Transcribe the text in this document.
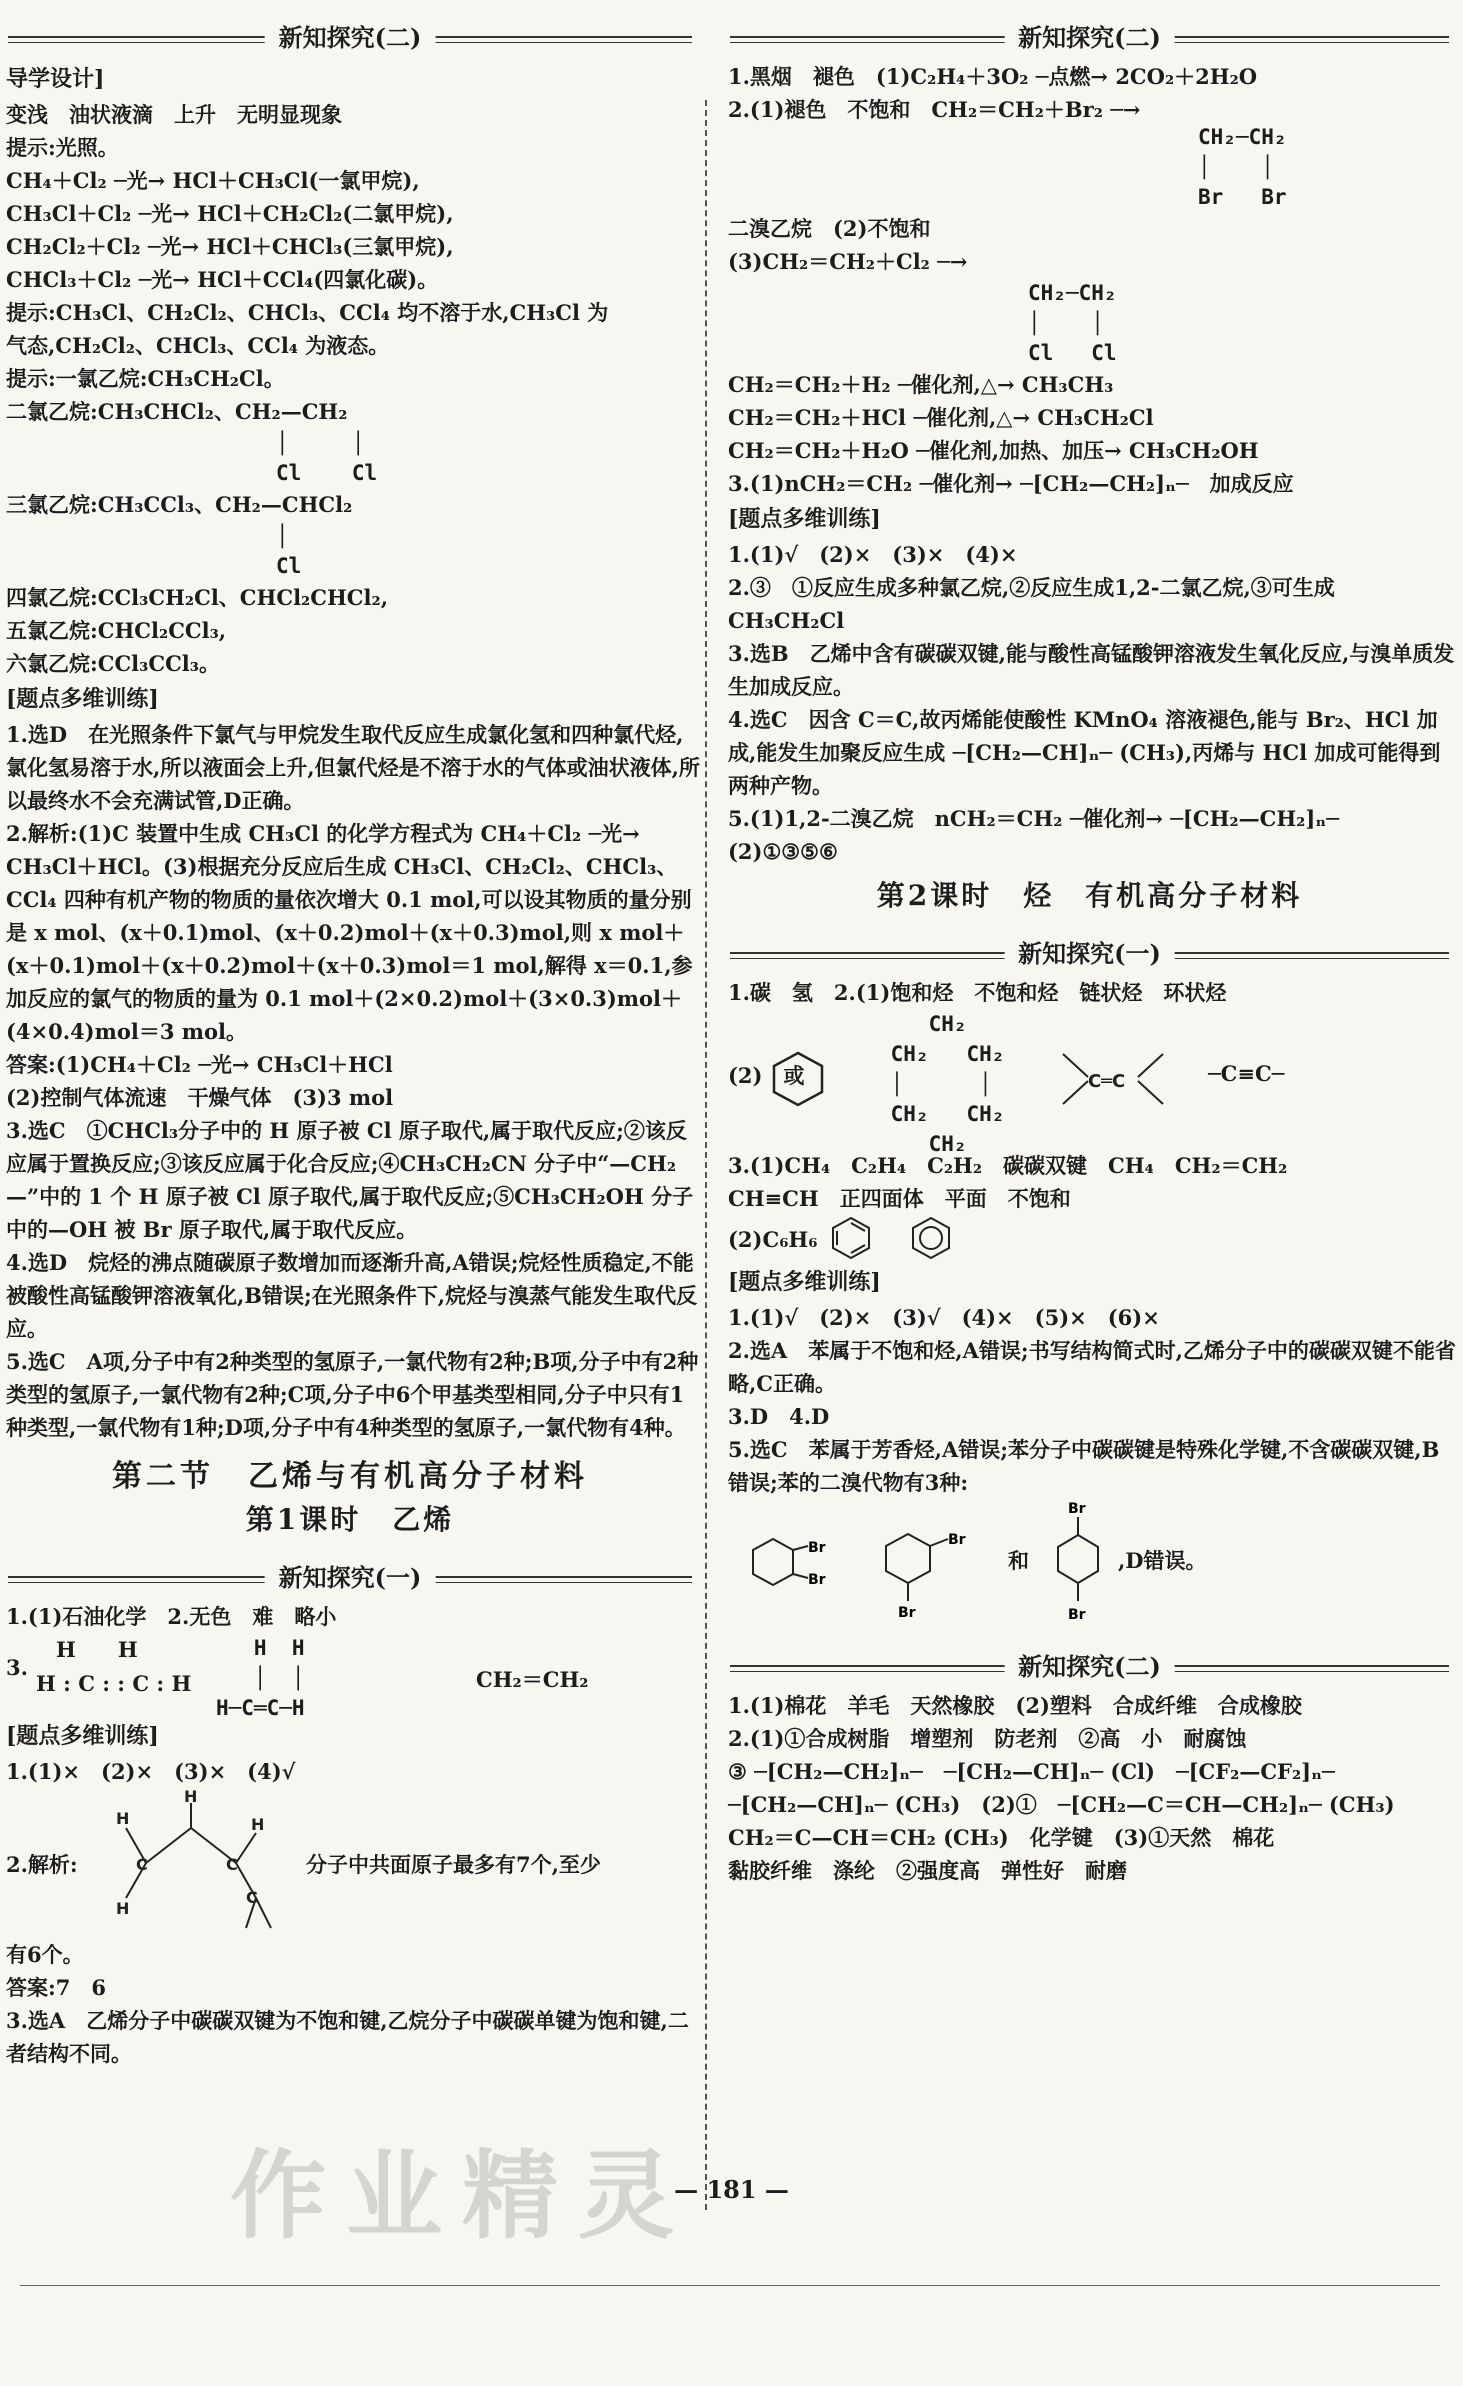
新知探究(二)
导学设计]
变浅　油状液滴　上升　无明显现象
提示:光照。
CH₄＋Cl₂ ─光→ HCl＋CH₃Cl(一氯甲烷),
CH₃Cl＋Cl₂ ─光→ HCl＋CH₂Cl₂(二氯甲烷),
CH₂Cl₂＋Cl₂ ─光→ HCl＋CHCl₃(三氯甲烷),
CHCl₃＋Cl₂ ─光→ HCl＋CCl₄(四氯化碳)。
提示:CH₃Cl、CH₂Cl₂、CHCl₃、CCl₄ 均不溶于水,CH₃Cl 为
气态,CH₂Cl₂、CHCl₃、CCl₄ 为液态。
提示:一氯乙烷:CH₃CH₂Cl。
二氯乙烷:CH₃CHCl₂、CH₂—CH₂
│     │
Cl    Cl
三氯乙烷:CH₃CCl₃、CH₂—CHCl₂
│
Cl
四氯乙烷:CCl₃CH₂Cl、CHCl₂CHCl₂,
五氯乙烷:CHCl₂CCl₃,
六氯乙烷:CCl₃CCl₃。
[题点多维训练]
1.选D　在光照条件下氯气与甲烷发生取代反应生成氯化氢和四种氯代烃,氯化氢易溶于水,所以液面会上升,但氯代烃是不溶于水的气体或油状液体,所以最终水不会充满试管,D正确。
2.解析:(1)C 装置中生成 CH₃Cl 的化学方程式为 CH₄＋Cl₂ ─光→ CH₃Cl＋HCl。(3)根据充分反应后生成 CH₃Cl、CH₂Cl₂、CHCl₃、CCl₄ 四种有机产物的物质的量依次增大 0.1 mol,可以设其物质的量分别是 x mol、(x＋0.1)mol、(x＋0.2)mol＋(x＋0.3)mol,则 x mol＋(x＋0.1)mol＋(x＋0.2)mol＋(x＋0.3)mol＝1 mol,解得 x＝0.1,参加反应的氯气的物质的量为 0.1 mol＋(2×0.2)mol＋(3×0.3)mol＋(4×0.4)mol＝3 mol。
答案:(1)CH₄＋Cl₂ ─光→ CH₃Cl＋HCl
(2)控制气体流速　干燥气体　(3)3 mol
3.选C　①CHCl₃分子中的 H 原子被 Cl 原子取代,属于取代反应;②该反应属于置换反应;③该反应属于化合反应;④CH₃CH₂CN 分子中“—CH₂—”中的 1 个 H 原子被 Cl 原子取代,属于取代反应;⑤CH₃CH₂OH 分子中的—OH 被 Br 原子取代,属于取代反应。
4.选D　烷烃的沸点随碳原子数增加而逐渐升高,A错误;烷烃性质稳定,不能被酸性高锰酸钾溶液氧化,B错误;在光照条件下,烷烃与溴蒸气能发生取代反应。
5.选C　A项,分子中有2种类型的氢原子,一氯代物有2种;B项,分子中有2种类型的氢原子,一氯代物有2种;C项,分子中6个甲基类型相同,分子中只有1种类型,一氯代物有1种;D项,分子中有4种类型的氢原子,一氯代物有4种。
第二节　乙烯与有机高分子材料
第1课时　乙烯
新知探究(一)
1.(1)石油化学　2.无色　难　略小
3.
H　　H
H : C : : C : H
H  H
│  │
H─C═C─H
CH₂＝CH₂
[题点多维训练]
1.(1)×　(2)×　(3)×　(4)√
2.解析:
H
H
C	C
H
H
C
分子中共面原子最多有7个,至少
有6个。
答案:7　6
3.选A　乙烯分子中碳碳双键为不饱和键,乙烷分子中碳碳单键为饱和键,二者结构不同。
新知探究(二)
1.黑烟　褪色　(1)C₂H₄＋3O₂ ─点燃→ 2CO₂＋2H₂O
2.(1)褪色　不饱和　CH₂＝CH₂＋Br₂ ─→
CH₂─CH₂
│    │
Br   Br
二溴乙烷　(2)不饱和
(3)CH₂＝CH₂＋Cl₂ ─→
CH₂─CH₂
│    │
Cl   Cl
CH₂＝CH₂＋H₂ ─催化剂,△→ CH₃CH₃
CH₂＝CH₂＋HCl ─催化剂,△→ CH₃CH₂Cl
CH₂＝CH₂＋H₂O ─催化剂,加热、加压→ CH₃CH₂OH
3.(1)nCH₂＝CH₂ ─催化剂→ ─[CH₂—CH₂]ₙ─　加成反应
[题点多维训练]
1.(1)√　(2)×　(3)×　(4)×
2.③　①反应生成多种氯乙烷,②反应生成1,2-二氯乙烷,③可生成 CH₃CH₂Cl
3.选B　乙烯中含有碳碳双键,能与酸性高锰酸钾溶液发生氧化反应,与溴单质发生加成反应。
4.选C　因含 C＝C,故丙烯能使酸性 KMnO₄ 溶液褪色,能与 Br₂、HCl 加成,能发生加聚反应生成 ─[CH₂—CH]ₙ─ (CH₃),丙烯与 HCl 加成可能得到两种产物。
5.(1)1,2-二溴乙烷　nCH₂＝CH₂ ─催化剂→ ─[CH₂—CH₂]ₙ─
(2)①③⑤⑥
第2课时　烃　有机高分子材料
新知探究(一)
1.碳　氢　2.(1)饱和烃　不饱和烃　链状烃　环状烃
(2)　或
CH₂
CH₂   CH₂
│      │
CH₂   CH₂
CH₂
C═C	─C≡C─
3.(1)CH₄　C₂H₄　C₂H₂　碳碳双键　CH₄　CH₂＝CH₂
CH≡CH　正四面体　平面　不饱和
(2)C₆H₆
[题点多维训练]
1.(1)√　(2)×　(3)√　(4)×　(5)×　(6)×
2.选A　苯属于不饱和烃,A错误;书写结构简式时,乙烯分子中的碳碳双键不能省略,C正确。
3.D　4.D
5.选C　苯属于芳香烃,A错误;苯分子中碳碳键是特殊化学键,不含碳碳双键,B错误;苯的二溴代物有3种:
Br
Br
Br
Br
和
Br
Br
,D错误。
新知探究(二)
1.(1)棉花　羊毛　天然橡胶　(2)塑料　合成纤维　合成橡胶
2.(1)①合成树脂　增塑剂　防老剂　②高　小　耐腐蚀
③ ─[CH₂—CH₂]ₙ─　─[CH₂—CH]ₙ─ (Cl)　─[CF₂—CF₂]ₙ─
─[CH₂—CH]ₙ─ (CH₃)　(2)①　─[CH₂—C＝CH—CH₂]ₙ─ (CH₃)
CH₂＝C—CH＝CH₂ (CH₃)　化学键　(3)①天然　棉花
黏胶纤维　涤纶　②强度高　弹性好　耐磨
作业精灵
— 181 —
